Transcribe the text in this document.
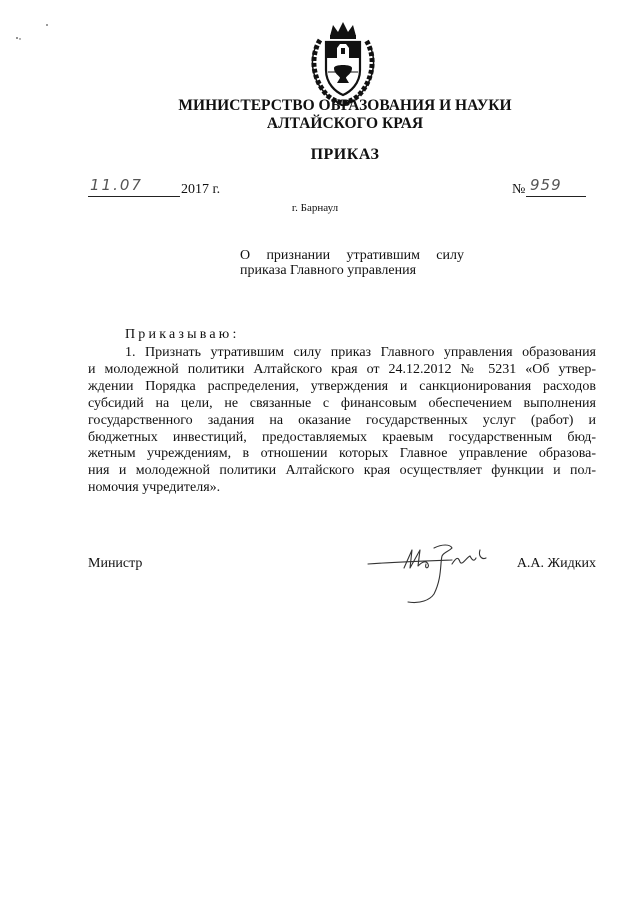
МИНИСТЕРСТВО ОБРАЗОВАНИЯ И НАУКИ
АЛТАЙСКОГО КРАЯ
ПРИКАЗ
11.07	2017 г.	№ 959
г. Барнаул
О признании утратившим силу
приказа Главного управления
Приказываю:
1. Признать утратившим силу приказ Главного управления образования
и молодежной политики Алтайского края от 24.12.2012 № 5231 «Об утвер-
ждении Порядка распределения, утверждения и санкционирования расходов
субсидий на цели, не связанные с финансовым обеспечением выполнения
государственного задания на оказание государственных услуг (работ) и
бюджетных инвестиций, предоставляемых краевым государственным бюд-
жетным учреждениям, в отношении которых Главное управление образова-
ния и молодежной политики Алтайского края осуществляет функции и пол-
номочия учредителя».
Министр	А.А. Жидких
